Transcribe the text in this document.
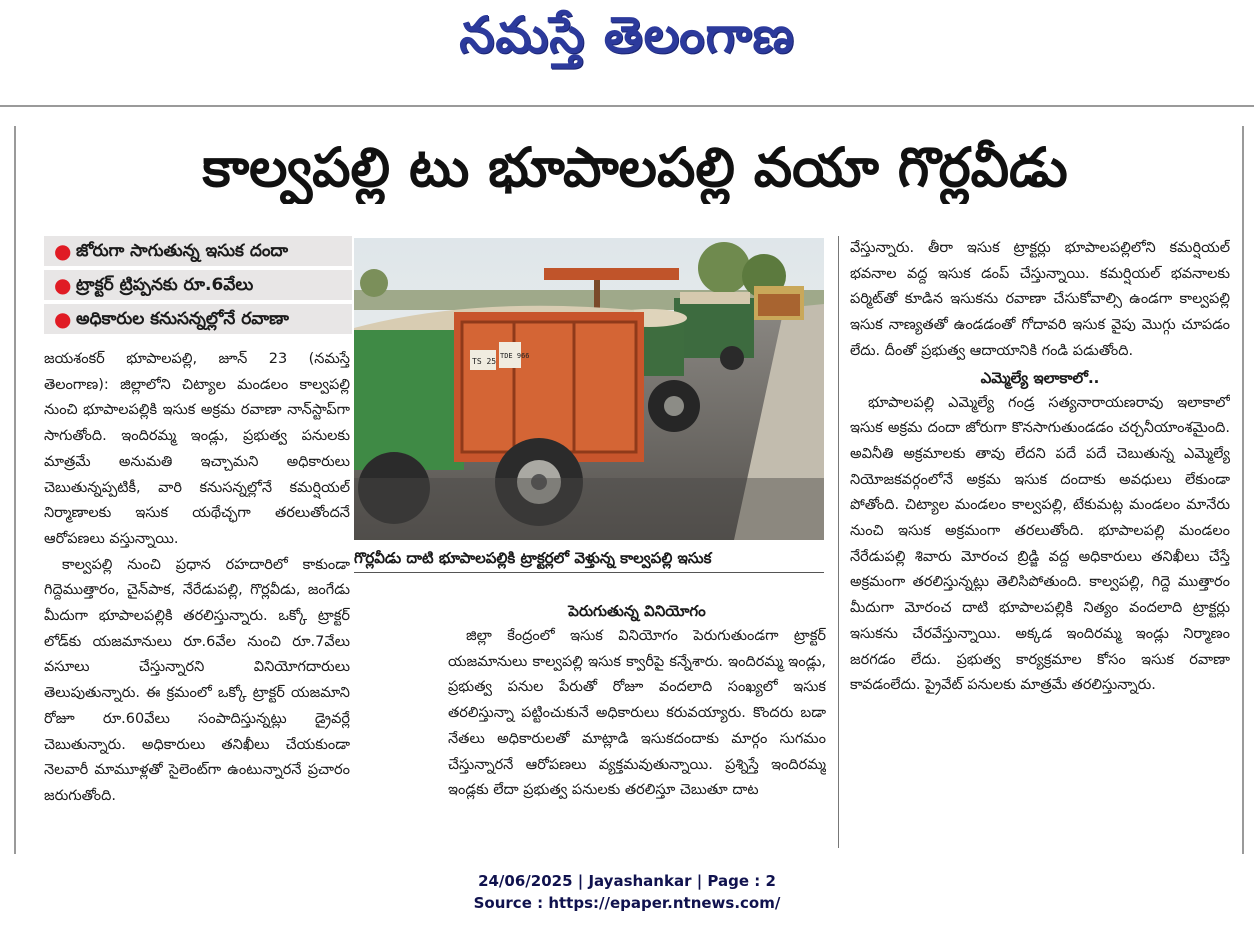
నమస్తే తెలంగాణ
కాల్వపల్లి టు భూపాలపల్లి వయా గొర్లవీడు
● జోరుగా సాగుతున్న ఇసుక దందా
● ట్రాక్టర్ ట్రిప్పనకు రూ.6వేలు
● అధికారుల కనుసన్నల్లోనే రవాణా
TS 25
TDE 966
గొర్లవీడు దాటి భూపాలపల్లికి ట్రాక్టర్లలో వెళ్తున్న కాల్వపల్లి ఇసుక

జయశంకర్ భూపాలపల్లి, జూన్ 23 (నమస్తే తెలంగాణ): జిల్లాలోని చిట్యాల మండలం కాల్వపల్లి నుంచి భూపాలపల్లికి ఇసుక అక్రమ రవాణా నాన్‌స్టాప్‌గా సాగుతోంది. ఇందిరమ్మ ఇండ్లు, ప్రభుత్వ పనులకు మాత్రమే అనుమతి ఇచ్చామని అధికారులు చెబుతున్నప్పటికీ, వారి కనుసన్నల్లోనే కమర్షియల్ నిర్మాణాలకు ఇసుక యథేచ్ఛగా తరలుతోందనే ఆరోపణలు వస్తున్నాయి.

కాల్వపల్లి నుంచి ప్రధాన రహదారిలో కాకుండా గిద్దెముత్తారం, చైన్‌పాక, నేరేడుపల్లి, గొర్లవీడు, జంగేడు మీదుగా భూపాలపల్లికి తరలిస్తున్నారు. ఒక్కో ట్రాక్టర్ లోడ్‌కు యజమానులు రూ.6వేల నుంచి రూ.7వేలు వసూలు చేస్తున్నారని వినియోగదారులు తెలుపుతున్నారు. ఈ క్రమంలో ఒక్కో ట్రాక్టర్ యజమాని రోజూ రూ.60వేలు సంపాదిస్తున్నట్లు డ్రైవర్లే చెబుతున్నారు. అధికారులు తనిఖీలు చేయకుండా నెలవారీ మామూళ్లతో సైలెంట్‌గా ఉంటున్నారనే ప్రచారం జరుగుతోంది.

పెరుగుతున్న వినియోగం

జిల్లా కేంద్రంలో ఇసుక వినియోగం పెరుగుతుండగా ట్రాక్టర్ యజమానులు కాల్వపల్లి ఇసుక క్వారీపై కన్నేశారు. ఇందిరమ్మ ఇండ్లు, ప్రభుత్వ పనుల పేరుతో రోజూ వందలాది సంఖ్యలో ఇసుక తరలిస్తున్నా పట్టించుకునే అధికారులు కరువయ్యారు. కొందరు బడా నేతలు అధికారులతో మాట్లాడి ఇసుకదందాకు మార్గం సుగమం చేస్తున్నారనే ఆరోపణలు వ్యక్తమవుతున్నాయి. ప్రశ్నిస్తే ఇందిరమ్మ ఇండ్లకు లేదా ప్రభుత్వ పనులకు తరలిస్తూ చెబుతూ దాట

వేస్తున్నారు. తీరా ఇసుక ట్రాక్టర్లు భూపాలపల్లిలోని కమర్షియల్ భవనాల వద్ద ఇసుక డంప్ చేస్తున్నాయి. కమర్షియల్ భవనాలకు పర్మిట్‌తో కూడిన ఇసుకను రవాణా చేసుకోవాల్సి ఉండగా కాల్వపల్లి ఇసుక నాణ్యతతో ఉండడంతో గోదావరి ఇసుక వైపు మొగ్గు చూపడం లేదు. దీంతో ప్రభుత్వ ఆదాయానికి గండి పడుతోంది.

ఎమ్మెల్యే ఇలాకాలో..

భూపాలపల్లి ఎమ్మెల్యే గండ్ర సత్యనారాయణరావు ఇలాకాలో ఇసుక అక్రమ దందా జోరుగా కొనసాగుతుండడం చర్చనీయాంశమైంది. అవినీతి అక్రమాలకు తావు లేదని పదే పదే చెబుతున్న ఎమ్మెల్యే నియోజకవర్గంలోనే అక్రమ ఇసుక దందాకు అవధులు లేకుండా పోతోంది. చిట్యాల మండలం కాల్వపల్లి, టేకుమట్ల మండలం మానేరు నుంచి ఇసుక అక్రమంగా తరలుతోంది. భూపాలపల్లి మండలం నేరేడుపల్లి శివారు మోరంచ బ్రిడ్జి వద్ద అధికారులు తనిఖీలు చేస్తే అక్రమంగా తరలిస్తున్నట్లు తెలిసిపోతుంది. కాల్వపల్లి, గిద్దె ముత్తారం మీదుగా మోరంచ దాటి భూపాలపల్లికి నిత్యం వందలాది ట్రాక్టర్లు ఇసుకను చేరవేస్తున్నాయి. అక్కడ ఇందిరమ్మ ఇండ్లు నిర్మాణం జరగడం లేదు. ప్రభుత్వ కార్యక్రమాల కోసం ఇసుక రవాణా కావడంలేదు. ప్రైవేట్ పనులకు మాత్రమే తరలిస్తున్నారు.

24/06/2025 | Jayashankar | Page : 2
Source : https://epaper.ntnews.com/
